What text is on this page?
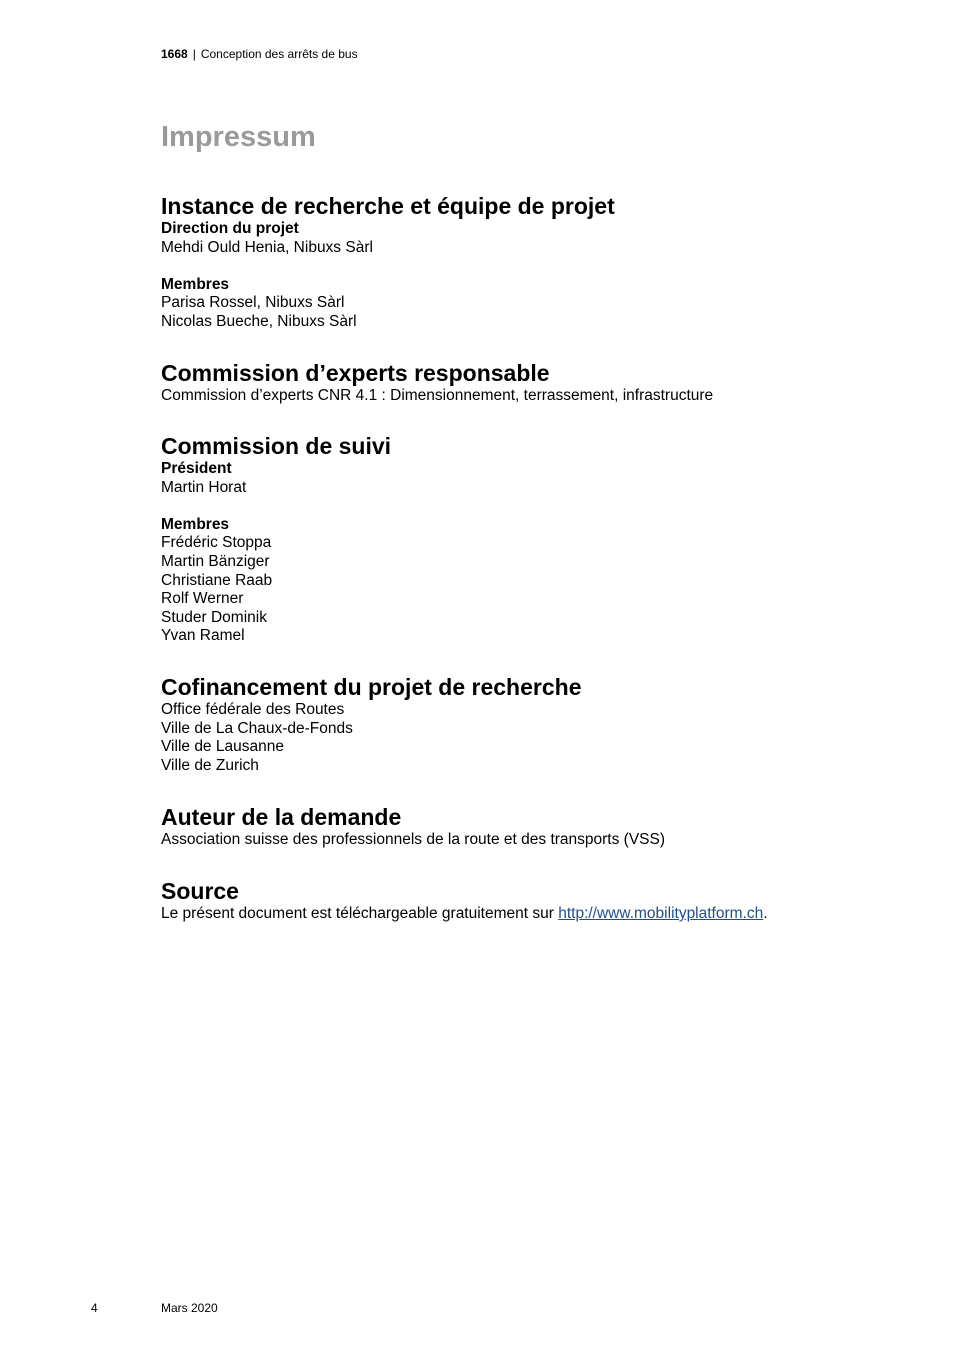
1668 | Conception des arrêts de bus
Impressum
Instance de recherche et équipe de projet

Direction du projet

Mehdi Ould Henia, Nibuxs Sàrl

Membres

Parisa Rossel, Nibuxs Sàrl

Nicolas Bueche, Nibuxs Sàrl

Commission d’experts responsable

Commission d’experts CNR 4.1 : Dimensionnement, terrassement, infrastructure

Commission de suivi

Président

Martin Horat

Membres

Frédéric Stoppa

Martin Bänziger

Christiane Raab

Rolf Werner

Studer Dominik

Yvan Ramel

Cofinancement du projet de recherche

Office fédérale des Routes

Ville de La Chaux-de-Fonds

Ville de Lausanne

Ville de Zurich

Auteur de la demande

Association suisse des professionnels de la route et des transports (VSS)

Source

Le présent document est téléchargeable gratuitement sur http://www.mobilityplatform.ch.

4	Mars 2020
